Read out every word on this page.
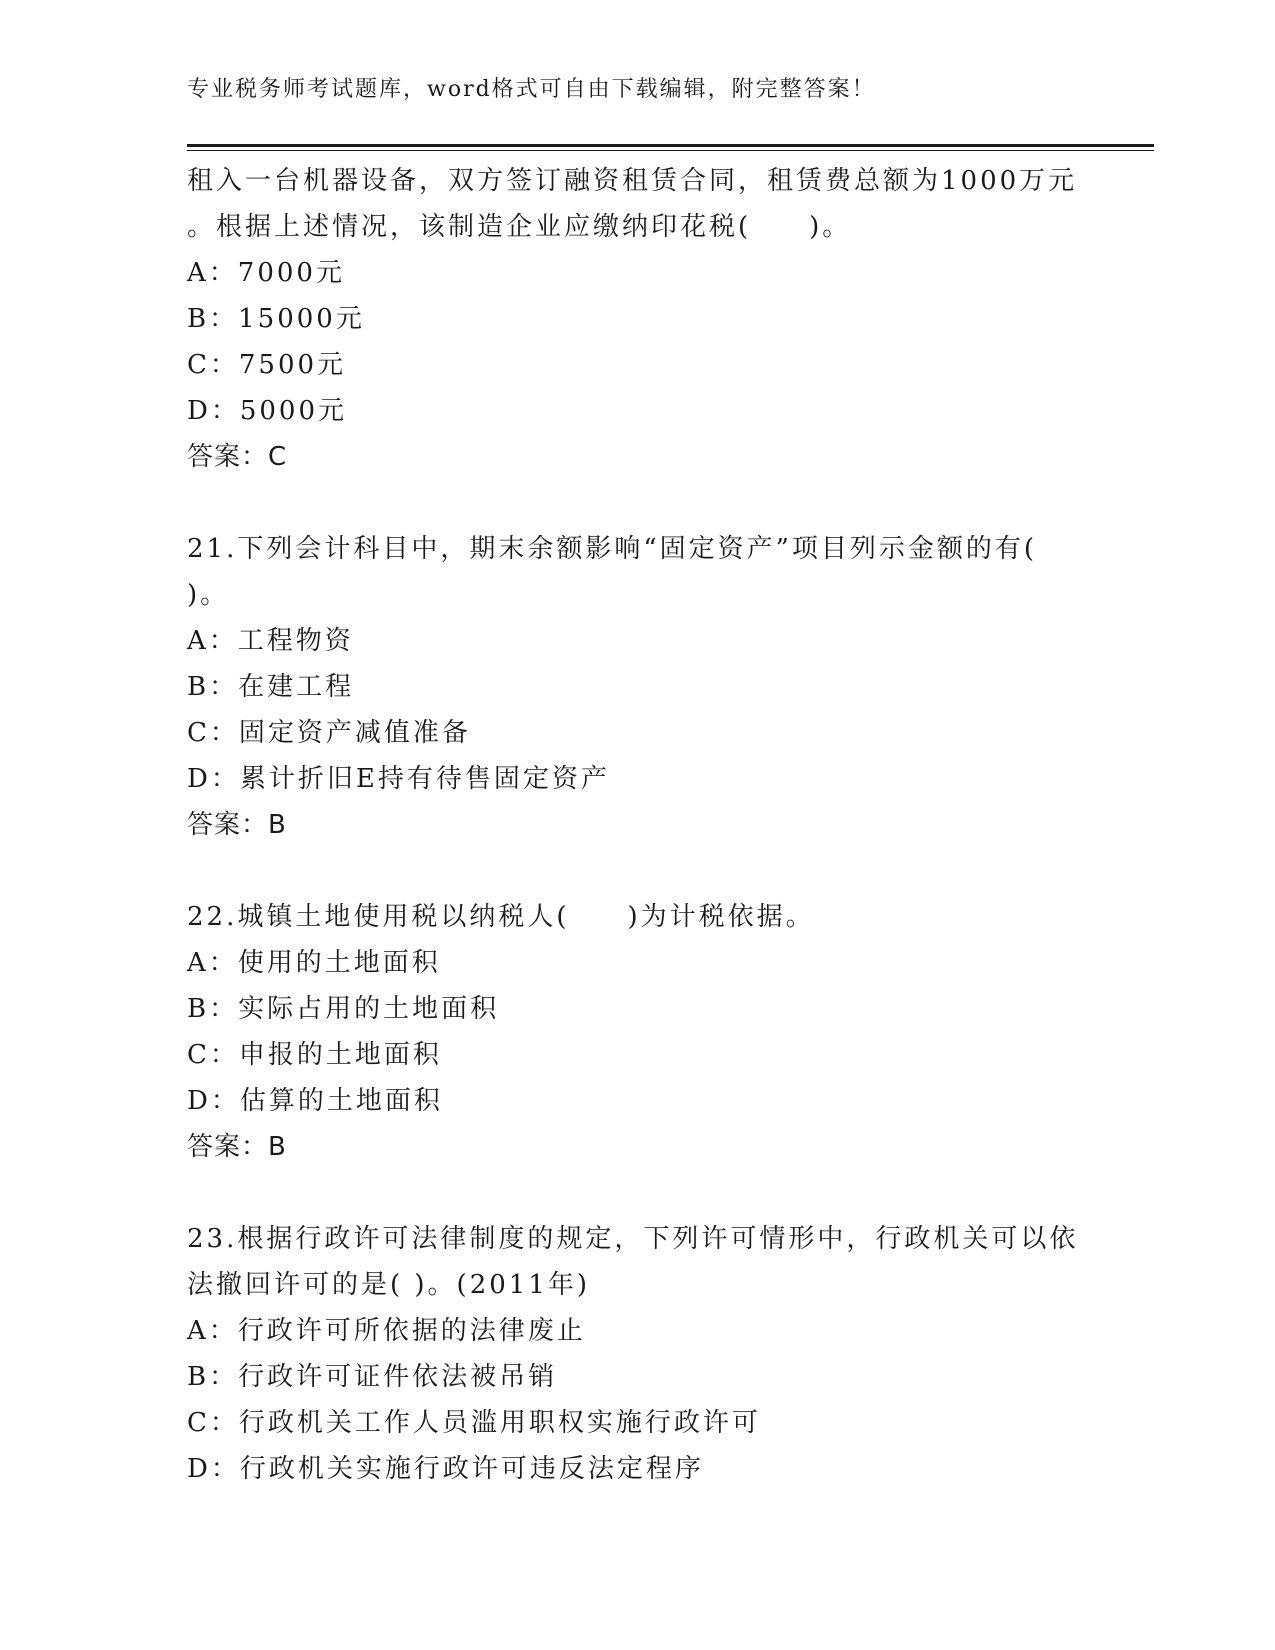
专业税务师考试题库，word格式可自由下载编辑，附完整答案！
租入一台机器设备，双方签订融资租赁合同，租赁费总额为1000万元
。根据上述情况，该制造企业应缴纳印花税(　　)。
A：7000元
B：15000元
C：7500元
D：5000元
答案：C
21.下列会计科目中，期末余额影响“固定资产”项目列示金额的有(
)。
A：工程物资
B：在建工程
C：固定资产减值准备
D：累计折旧E持有待售固定资产
答案：B
22.城镇土地使用税以纳税人(　　)为计税依据。
A：使用的土地面积
B：实际占用的土地面积
C：申报的土地面积
D：估算的土地面积
答案：B
23.根据行政许可法律制度的规定，下列许可情形中，行政机关可以依
法撤回许可的是( )。(2011年)
A：行政许可所依据的法律废止
B：行政许可证件依法被吊销
C：行政机关工作人员滥用职权实施行政许可
D：行政机关实施行政许可违反法定程序
